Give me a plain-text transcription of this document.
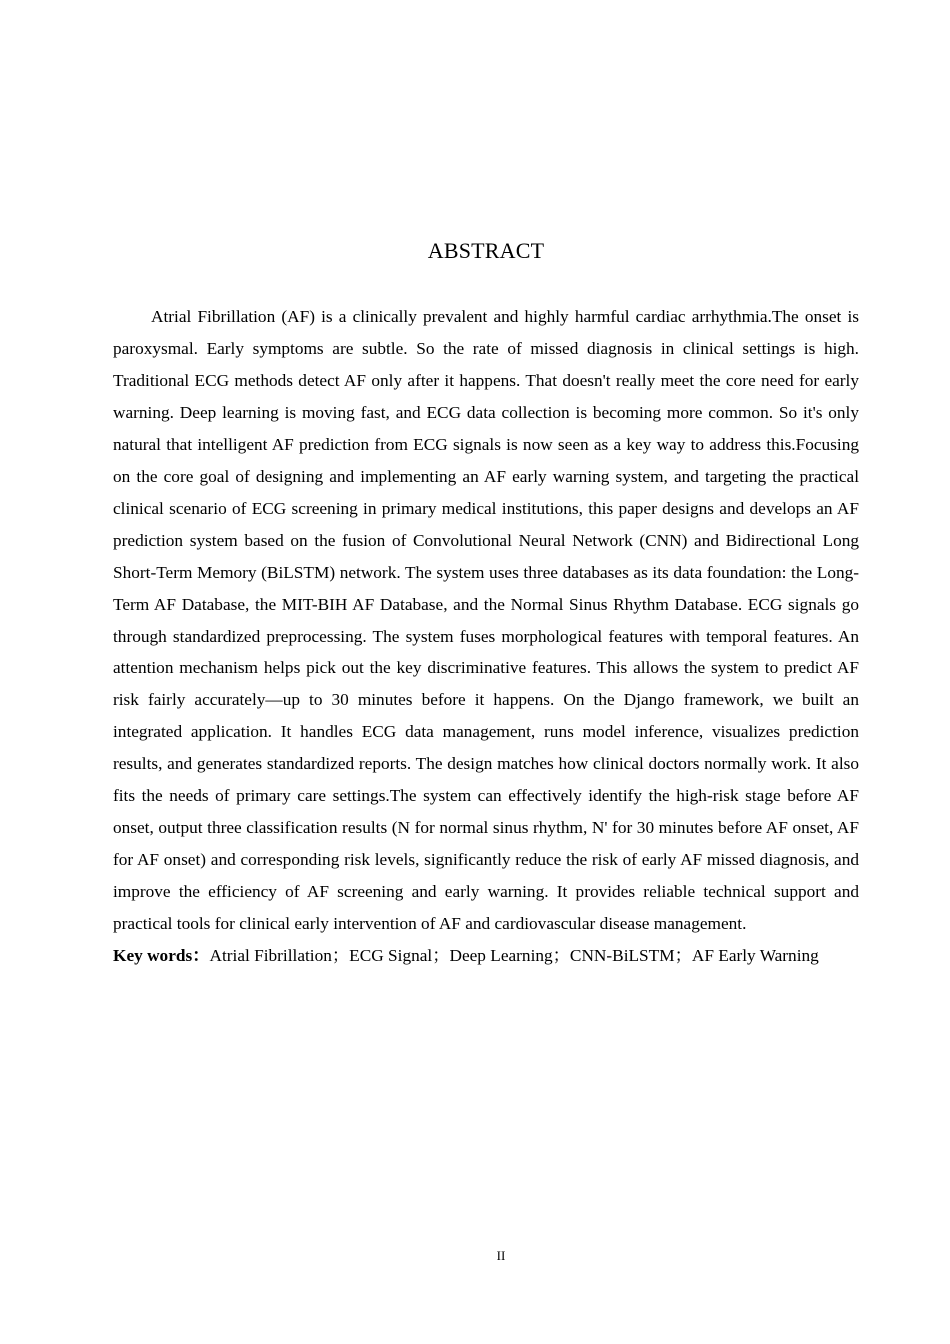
ABSTRACT

Atrial Fibrillation (AF) is a clinically prevalent and highly harmful cardiac arrhythmia.The onset is paroxysmal. Early symptoms are subtle. So the rate of missed diagnosis in clinical settings is high. Traditional ECG methods detect AF only after it happens. That doesn't really meet the core need for early warning. Deep learning is moving fast, and ECG data collection is becoming more common. So it's only natural that intelligent AF prediction from ECG signals is now seen as a key way to address this.Focusing on the core goal of designing and implementing an AF early warning system, and targeting the practical clinical scenario of ECG screening in primary medical institutions, this paper designs and develops an AF prediction system based on the fusion of Convolutional Neural Network (CNN) and Bidirectional Long Short-Term Memory (BiLSTM) network. The system uses three databases as its data foundation: the Long-Term AF Database, the MIT-BIH AF Database, and the Normal Sinus Rhythm Database. ECG signals go through standardized preprocessing. The system fuses morphological features with temporal features. An attention mechanism helps pick out the key discriminative features. This allows the system to predict AF risk fairly accurately—up to 30 minutes before it happens. On the Django framework, we built an integrated application. It handles ECG data management, runs model inference, visualizes prediction results, and generates standardized reports. The design matches how clinical doctors normally work. It also fits the needs of primary care settings.The system can effectively identify the high-risk stage before AF onset, output three classification results (N for normal sinus rhythm, N' for 30 minutes before AF onset, AF for AF onset) and corresponding risk levels, significantly reduce the risk of early AF missed diagnosis, and improve the efficiency of AF screening and early warning. It provides reliable technical support and practical tools for clinical early intervention of AF and cardiovascular disease management.

Key words：Atrial Fibrillation；ECG Signal；Deep Learning；CNN-BiLSTM；AF Early Warning

II
